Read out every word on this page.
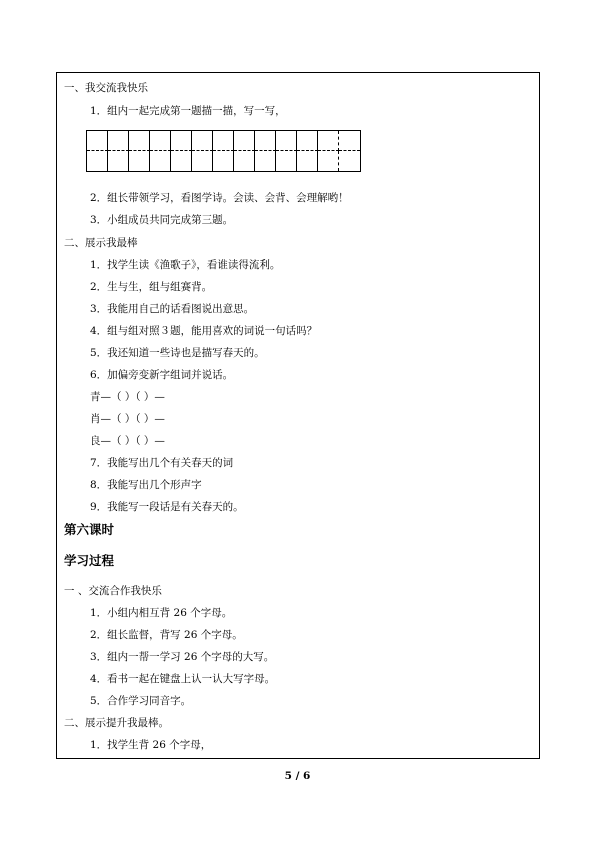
一、我交流我快乐
1．组内一起完成第一题描一描，写一写，
2．组长带领学习，看图学诗。会读、会背、会理解哟！
3．小组成员共同完成第三题。
二、展示我最棒
1．找学生读《渔歌子》，看谁读得流利。
2．生与生，组与组赛背。
3．我能用自己的话看图说出意思。
4．组与组对照３题，能用喜欢的词说一句话吗？
5．我还知道一些诗也是描写春天的。
6．加偏旁变新字组词并说话。
青—（ ）（ ）—
肖—（ ）（ ）—
良—（ ）（ ）—
7．我能写出几个有关春天的词
8．我能写出几个形声字
9．我能写一段话是有关春天的。
第六课时
学习过程
一 、交流合作我快乐
1．小组内相互背 26 个字母。
2．组长监督，背写 26 个字母。
3．组内一帮一学习 26 个字母的大写。
4．看书一起在键盘上认一认大写字母。
5．合作学习同音字。
二、展示提升我最棒。
1．找学生背 26 个字母，
5 / 6
